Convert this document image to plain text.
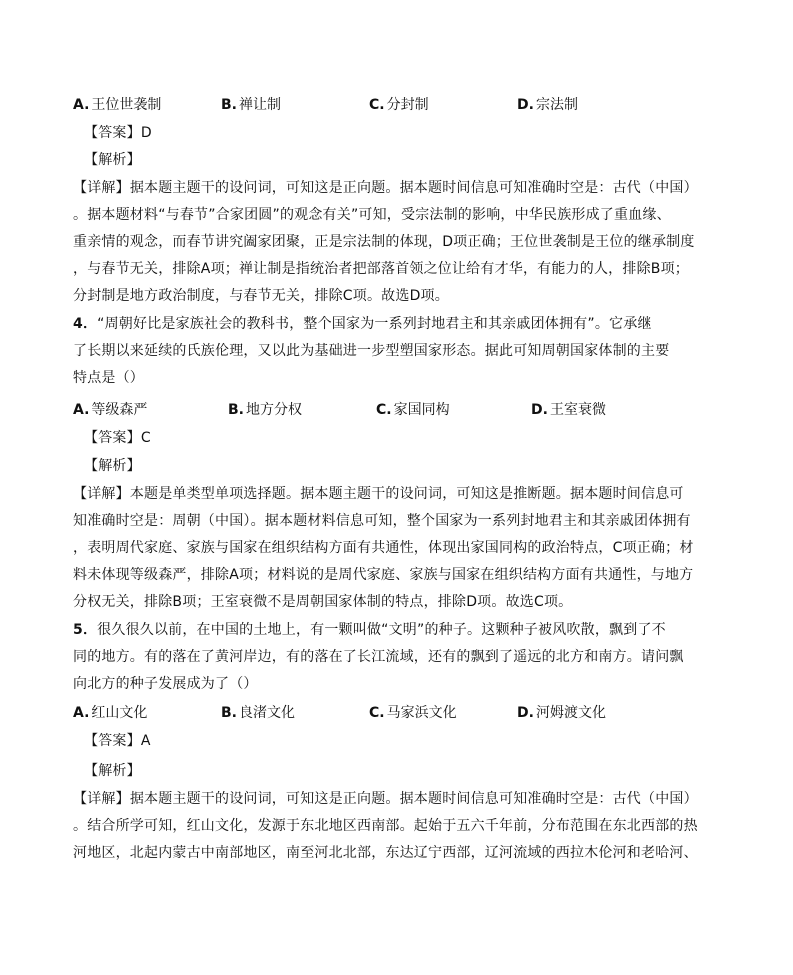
A. 王位世袭制	B. 禅让制	C. 分封制	D. 宗法制
【答案】D
【解析】
【详解】据本题主题干的设问词，可知这是正向题。据本题时间信息可知准确时空是：古代（中国）
。据本题材料“与春节”合家团圆”的观念有关”可知，受宗法制的影响，中华民族形成了重血缘、
重亲情的观念，而春节讲究阖家团聚，正是宗法制的体现，D项正确；王位世袭制是王位的继承制度
，与春节无关，排除A项；禅让制是指统治者把部落首领之位让给有才华，有能力的人，排除B项；
分封制是地方政治制度，与春节无关，排除C项。故选D项。
4．“周朝好比是家族社会的教科书，整个国家为一系列封地君主和其亲戚团体拥有”。它承继
了长期以来延续的氏族伦理，又以此为基础进一步型塑国家形态。据此可知周朝国家体制的主要
特点是（）
A. 等级森严	B. 地方分权	C. 家国同构	D. 王室衰微
【答案】C
【解析】
【详解】本题是单类型单项选择题。据本题主题干的设问词，可知这是推断题。据本题时间信息可
知准确时空是：周朝（中国）。据本题材料信息可知，整个国家为一系列封地君主和其亲戚团体拥有
，表明周代家庭、家族与国家在组织结构方面有共通性，体现出家国同构的政治特点，C项正确；材
料未体现等级森严，排除A项；材料说的是周代家庭、家族与国家在组织结构方面有共通性，与地方
分权无关，排除B项；王室衰微不是周朝国家体制的特点，排除D项。故选C项。
5．很久很久以前，在中国的土地上，有一颗叫做“文明”的种子。这颗种子被风吹散，飘到了不
同的地方。有的落在了黄河岸边，有的落在了长江流域，还有的飘到了遥远的北方和南方。请问飘
向北方的种子发展成为了（）
A. 红山文化	B. 良渚文化	C. 马家浜文化	D. 河姆渡文化
【答案】A
【解析】
【详解】据本题主题干的设问词，可知这是正向题。据本题时间信息可知准确时空是：古代（中国）
。结合所学可知，红山文化，发源于东北地区西南部。起始于五六千年前，分布范围在东北西部的热
河地区，北起内蒙古中南部地区，南至河北北部，东达辽宁西部，辽河流域的西拉木伦河和老哈河、
